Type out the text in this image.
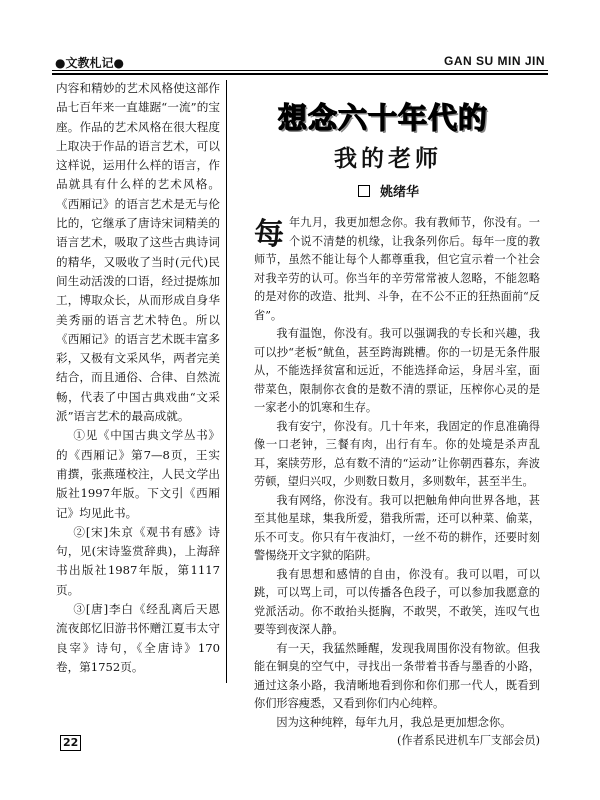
●文教札记●	GAN SU MIN JIN

内容和精妙的艺术风格使这部作品七百年来一直雄踞“一流”的宝座。作品的艺术风格在很大程度上取决于作品的语言艺术，可以这样说，运用什么样的语言，作品就具有什么样的艺术风格。《西厢记》的语言艺术是无与伦比的，它继承了唐诗宋词精美的语言艺术，吸取了这些古典诗词的精华，又吸收了当时(元代)民间生动活泼的口语，经过提炼加工，博取众长，从而形成自身华美秀丽的语言艺术特色。所以《西厢记》的语言艺术既丰富多彩，又极有文采风华，两者完美结合，而且通俗、合律、自然流畅，代表了中国古典戏曲“文采派”语言艺术的最高成就。

①见《中国古典文学丛书》的《西厢记》第7—8页，王实甫撰，张燕瑾校注，人民文学出版社1997年版。下文引《西厢记》均见此书。

②[宋]朱京《观书有感》诗句，见(宋诗鉴赏辞典)，上海辞书出版社1987年版，第1117页。

③[唐]李白《经乱离后天恩流夜郎忆旧游书怀赠江夏韦太守良宰》诗句，《全唐诗》170卷，第1752页。

想念六十年代的
我的老师
姚绪华

每年九月，我更加想念你。我有教师节，你没有。一个说不清楚的机缘，让我条列你后。每年一度的教师节，虽然不能让每个人都尊重我，但它宣示着一个社会对我辛劳的认可。你当年的辛劳常常被人忽略，不能忽略的是对你的改造、批判、斗争，在不公不正的狂热面前“反省”。

我有温饱，你没有。我可以强调我的专长和兴趣，我可以抄“老板”鱿鱼，甚至跨海跳槽。你的一切是无条件服从，不能选择贫富和远近，不能选择命运，身居斗室，面带菜色，限制你衣食的是数不清的票证，压榨你心灵的是一家老小的饥寒和生存。

我有安宁，你没有。几十年来，我固定的作息准确得像一口老钟，三餐有肉，出行有车。你的处境是杀声乱耳，案牍劳形，总有数不清的“运动”让你朝西暮东，奔波劳顿，望归兴叹，少则数日数月，多则数年，甚至半生。

我有网络，你没有。我可以把触角伸向世界各地，甚至其他星球，集我所爱，猎我所需，还可以种菜、偷菜，乐不可支。你只有午夜油灯，一丝不苟的耕作，还要时刻警惕绕开文字狱的陷阱。

我有思想和感情的自由，你没有。我可以唱，可以跳，可以骂上司，可以传播各色段子，可以参加我愿意的党派活动。你不敢抬头挺胸，不敢哭，不敢笑，连叹气也要等到夜深人静。

有一天，我猛然睡醒，发现我周围你没有物欲。但我能在铜臭的空气中，寻找出一条带着书香与墨香的小路，通过这条小路，我清晰地看到你和你们那一代人，既看到你们形容瘦悉，又看到你们内心纯粹。

因为这种纯粹，每年九月，我总是更加想念你。

(作者系民进机车厂支部会员)

22
